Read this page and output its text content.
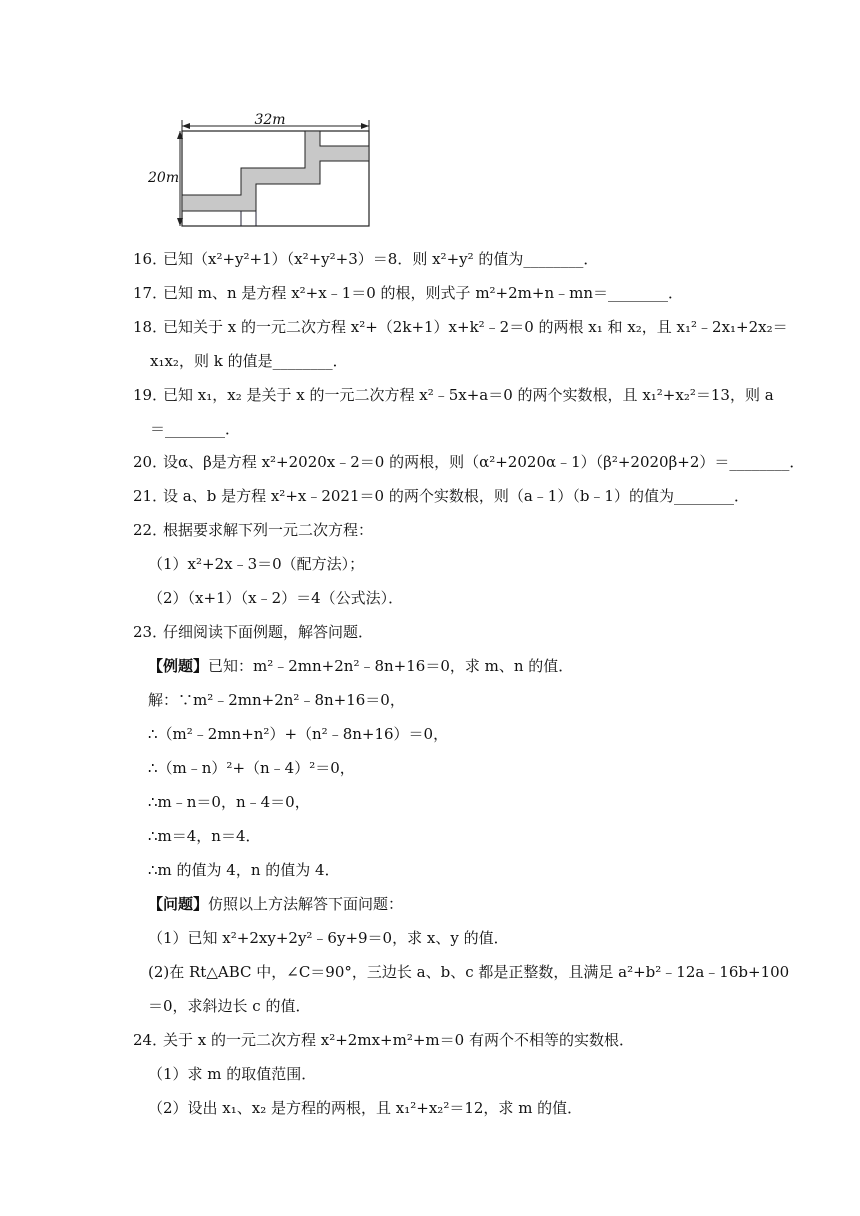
32m
20m
16．已知（x²+y²+1）（x²+y²+3）＝8．则 x²+y² 的值为________．
17．已知 m、n 是方程 x²+x﹣1＝0 的根，则式子 m²+2m+n﹣mn＝________．
18．已知关于 x 的一元二次方程 x²+（2k+1）x+k²﹣2＝0 的两根 x₁ 和 x₂，且 x₁²﹣2x₁+2x₂＝
x₁x₂，则 k 的值是________．
19．已知 x₁，x₂ 是关于 x 的一元二次方程 x²﹣5x+a＝0 的两个实数根，且 x₁²+x₂²＝13，则 a
＝________．
20．设α、β是方程 x²+2020x﹣2＝0 的两根，则（α²+2020α﹣1）（β²+2020β+2）＝________．
21．设 a、b 是方程 x²+x﹣2021＝0 的两个实数根，则（a﹣1）（b﹣1）的值为________．
22．根据要求解下列一元二次方程：
（1）x²+2x﹣3＝0（配方法）；
（2）（x+1）（x﹣2）＝4（公式法）．
23．仔细阅读下面例题，解答问题．
【例题】已知：m²﹣2mn+2n²﹣8n+16＝0，求 m、n 的值．
解：∵m²﹣2mn+2n²﹣8n+16＝0，
∴（m²﹣2mn+n²）+（n²﹣8n+16）＝0，
∴（m﹣n）²+（n﹣4）²＝0，
∴m﹣n＝0，n﹣4＝0，
∴m＝4，n＝4．
∴m 的值为 4，n 的值为 4．
【问题】仿照以上方法解答下面问题：
（1）已知 x²+2xy+2y²﹣6y+9＝0，求 x、y 的值．
(2)在 Rt△ABC 中，∠C＝90°，三边长 a、b、c 都是正整数，且满足 a²+b²﹣12a﹣16b+100
＝0，求斜边长 c 的值．
24．关于 x 的一元二次方程 x²+2mx+m²+m＝0 有两个不相等的实数根．
（1）求 m 的取值范围．
（2）设出 x₁、x₂ 是方程的两根，且 x₁²+x₂²＝12，求 m 的值．
